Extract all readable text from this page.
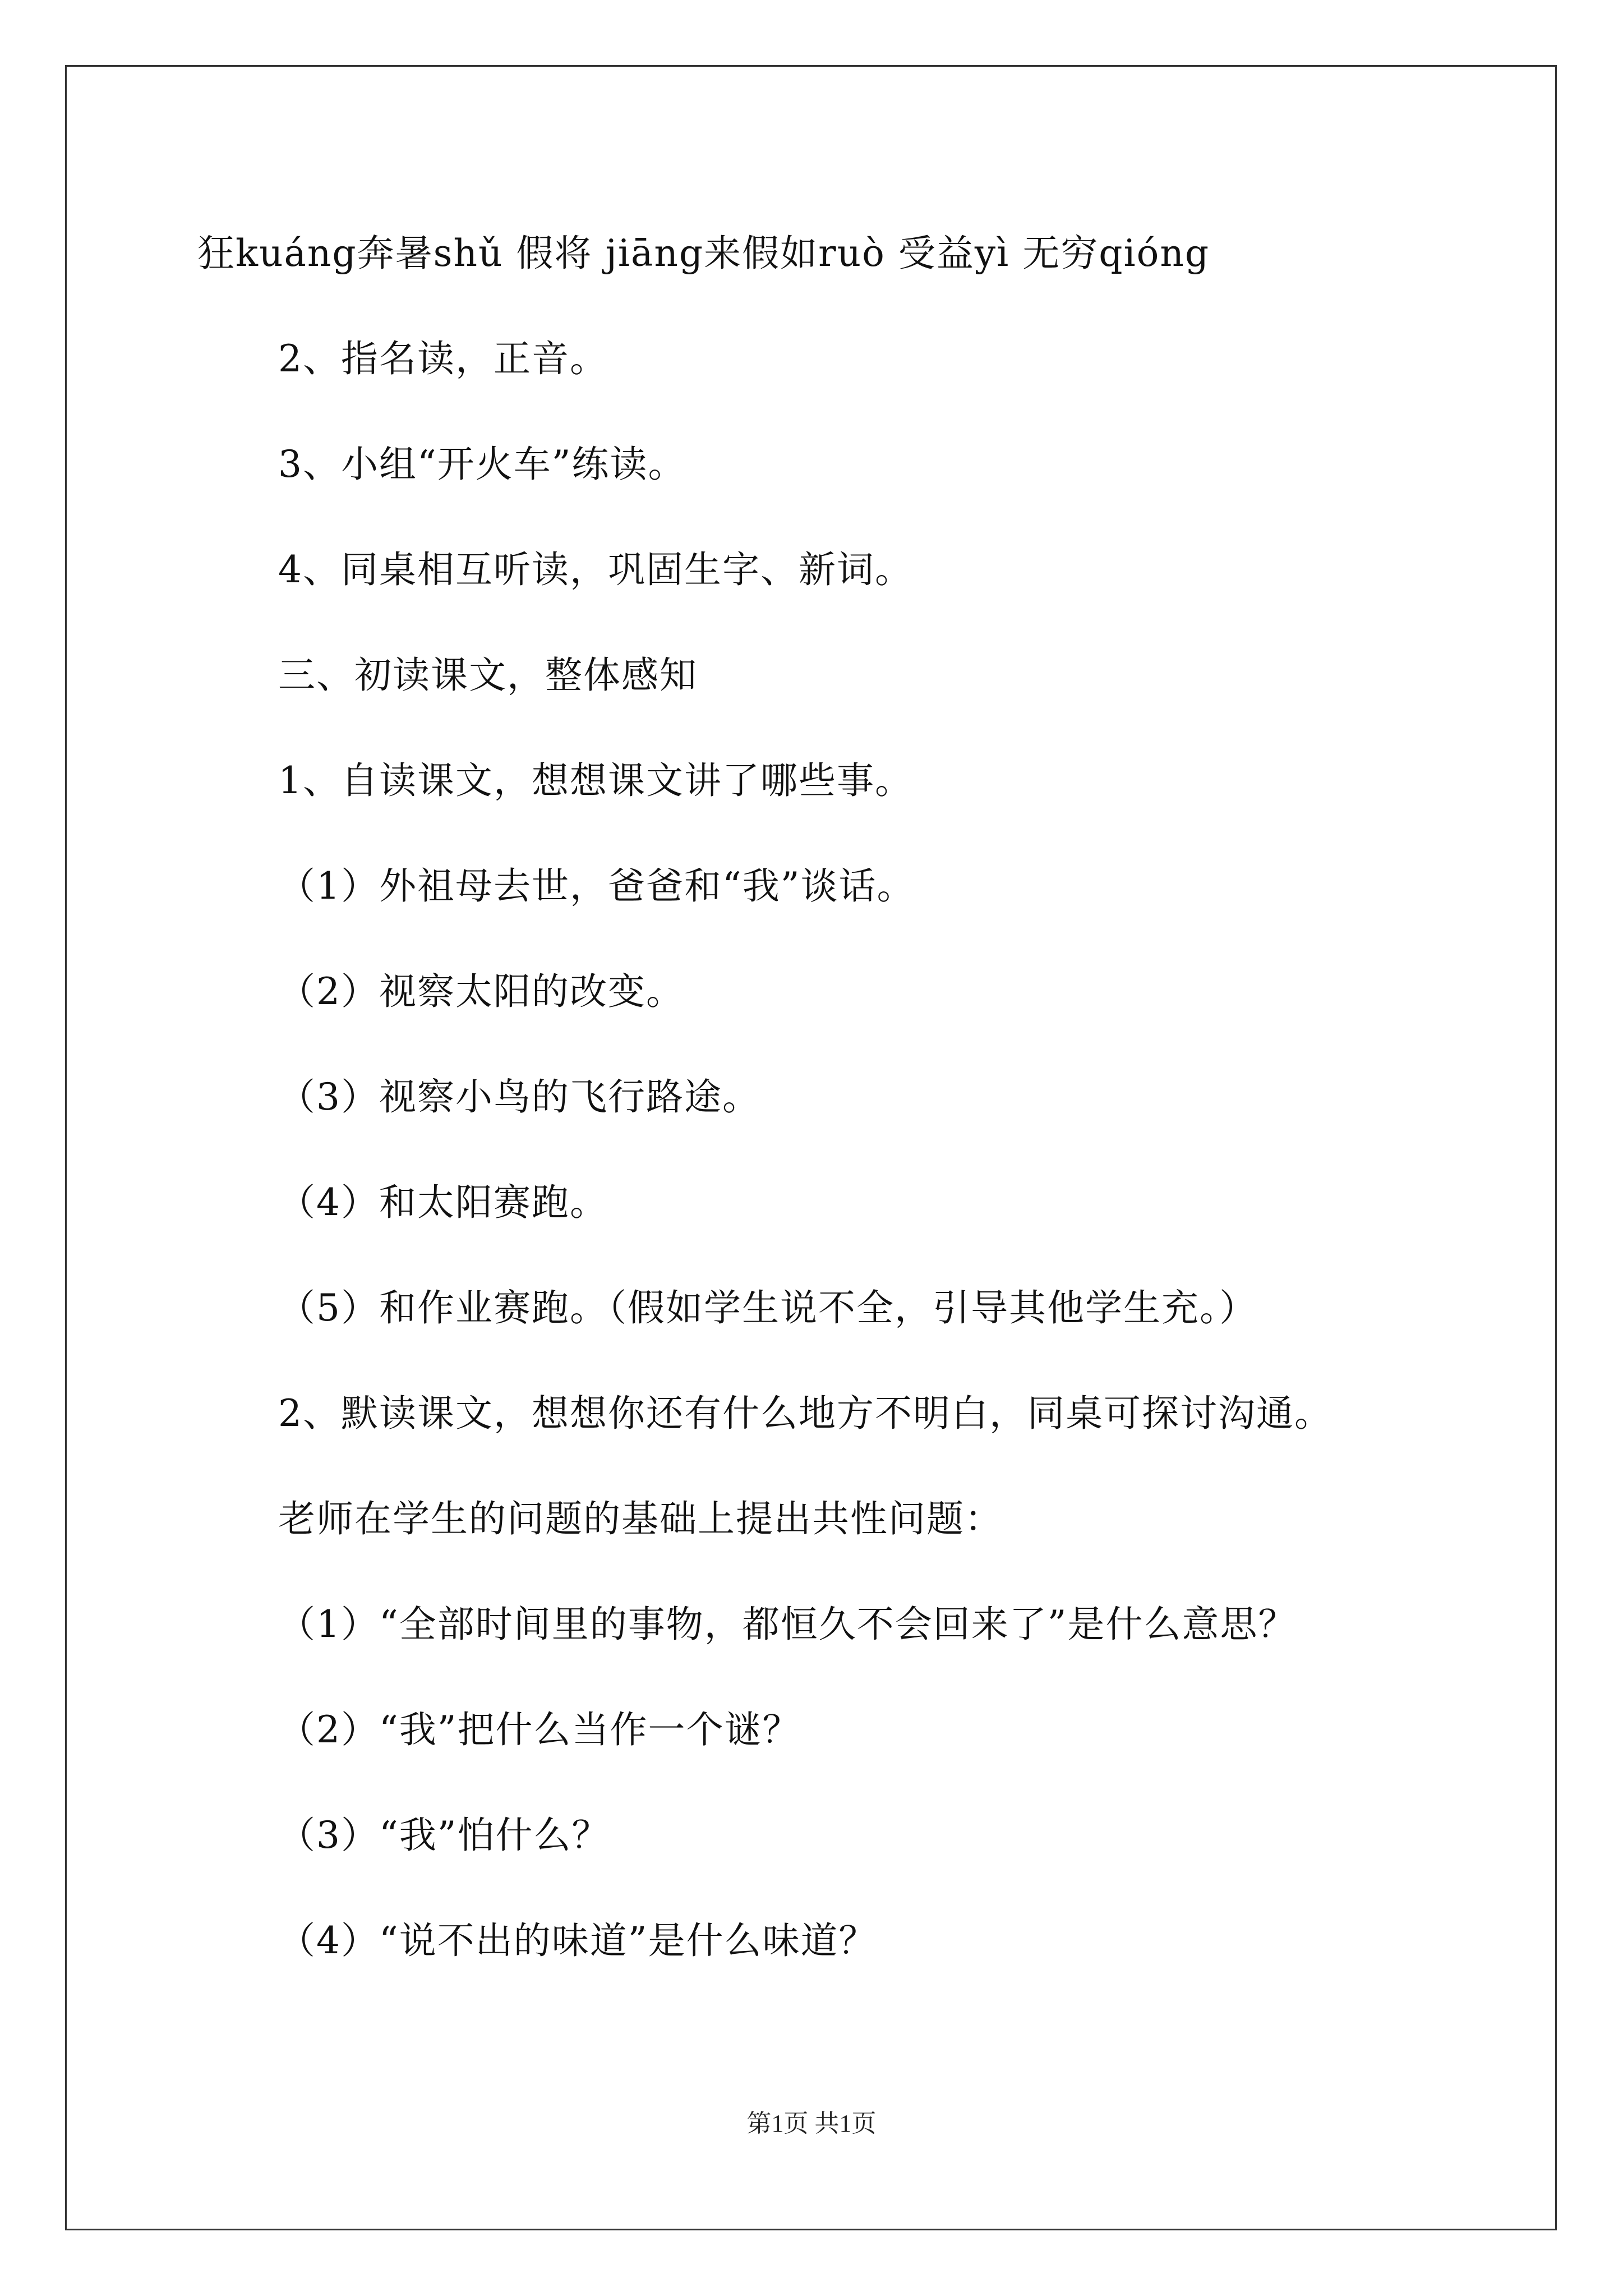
狂kuáng奔暑shǔ 假将 jiāng来假如ruò 受益yì 无穷qióng
2、指名读，正音。
3、小组“开火车”练读。
4、同桌相互听读，巩固生字、新词。
三、初读课文，整体感知
1、自读课文，想想课文讲了哪些事。
（1）外祖母去世，爸爸和“我”谈话。
（2）视察太阳的改变。
（3）视察小鸟的飞行路途。
（4）和太阳赛跑。
（5）和作业赛跑。（假如学生说不全，引导其他学生充。）
2、默读课文，想想你还有什么地方不明白，同桌可探讨沟通。
老师在学生的问题的基础上提出共性问题：
（1）“全部时间里的事物，都恒久不会回来了”是什么意思？
（2）“我”把什么当作一个谜？
（3）“我”怕什么？
（4）“说不出的味道”是什么味道？
第1页 共1页
